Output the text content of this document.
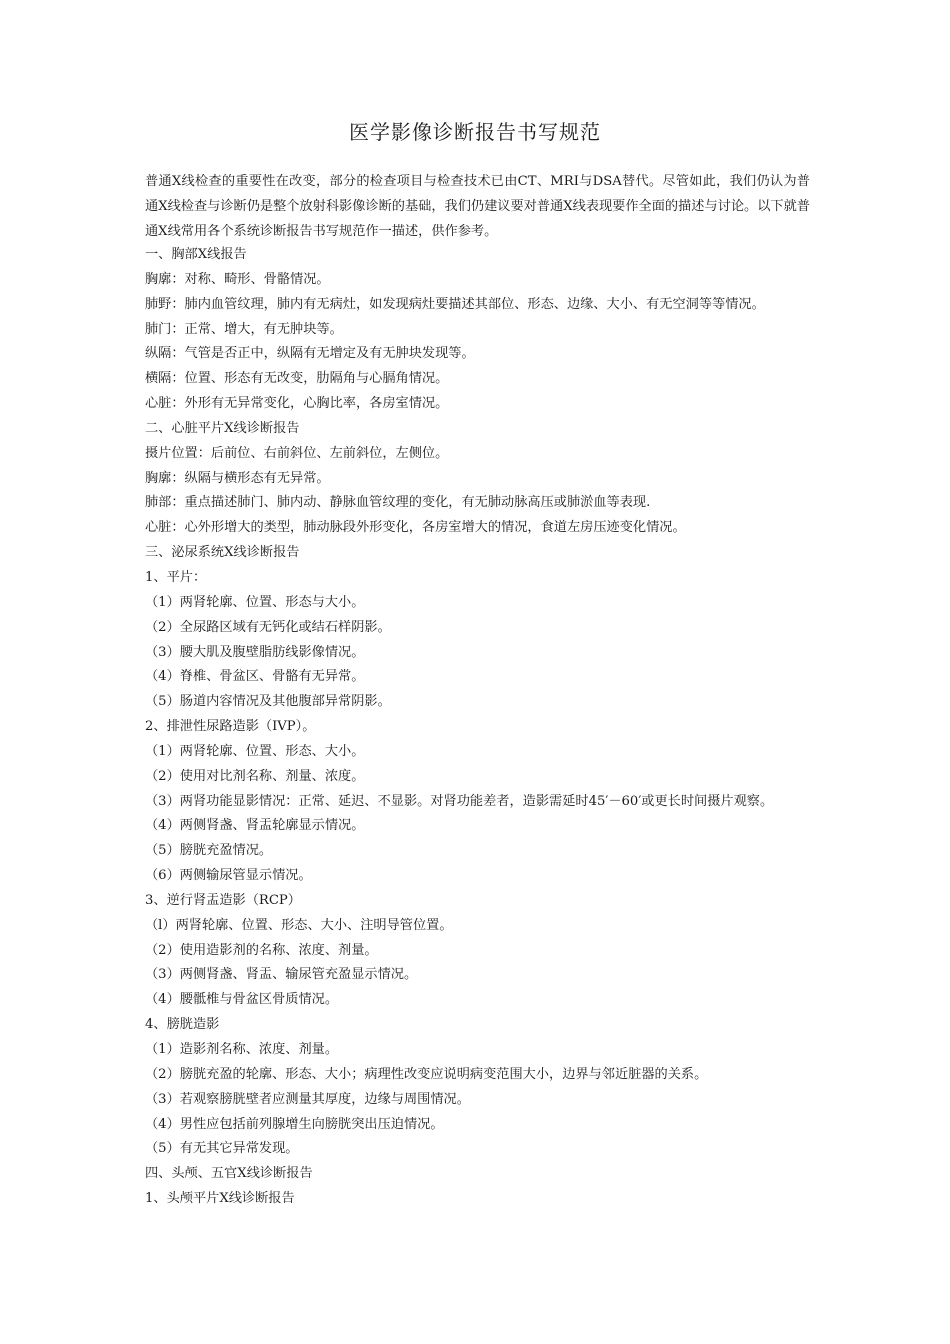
医学影像诊断报告书写规范
普通X线检查的重要性在改变，部分的检查项目与检查技术已由CT、MRI与DSA替代。尽管如此，我们仍认为普通X线检查与诊断仍是整个放射科影像诊断的基础，我们仍建议要对普通X线表现要作全面的描述与讨论。以下就普通X线常用各个系统诊断报告书写规范作一描述，供作参考。
一、胸部X线报告
胸廓：对称、畸形、骨骼情况。
肺野：肺内血管纹理，肺内有无病灶，如发现病灶要描述其部位、形态、边缘、大小、有无空洞等等情况。
肺门：正常、增大，有无肿块等。
纵隔：气管是否正中，纵隔有无增定及有无肿块发现等。
横隔：位置、形态有无改变，肋隔角与心膈角情况。
心脏：外形有无异常变化，心胸比率，各房室情况。
二、心脏平片X线诊断报告
摄片位置：后前位、右前斜位、左前斜位，左侧位。
胸廓：纵隔与横形态有无异常。
肺部：重点描述肺门、肺内动、静脉血管纹理的变化，有无肺动脉高压或肺淤血等表现.
心脏：心外形增大的类型，肺动脉段外形变化，各房室增大的情况，食道左房压迹变化情况。
三、泌尿系统X线诊断报告
1、平片：
（1）两肾轮廓、位置、形态与大小。
（2）全尿路区域有无钙化或结石样阴影。
（3）腰大肌及腹壁脂肪线影像情况。
（4）脊椎、骨盆区、骨骼有无异常。
（5）肠道内容情况及其他腹部异常阴影。
2、排泄性尿路造影（IVP）。
（1）两肾轮廓、位置、形态、大小。
（2）使用对比剂名称、剂量、浓度。
（3）两肾功能显影情况：正常、延迟、不显影。对肾功能差者，造影需延时45′－60′或更长时间摄片观察。
（4）两侧肾盏、肾盂轮廓显示情况。
（5）膀胱充盈情况。
（6）两侧输尿管显示情况。
3、逆行肾盂造影（RCP）
（l）两肾轮廓、位置、形态、大小、注明导管位置。
（2）使用造影剂的名称、浓度、剂量。
（3）两侧肾盏、肾盂、输尿管充盈显示情况。
（4）腰骶椎与骨盆区骨质情况。
4、膀胱造影
（1）造影剂名称、浓度、剂量。
（2）膀胱充盈的轮廓、形态、大小；病理性改变应说明病变范围大小，边界与邻近脏器的关系。
（3）若观察膀胱壁者应测量其厚度，边缘与周围情况。
（4）男性应包括前列腺增生向膀胱突出压迫情况。
（5）有无其它异常发现。
四、头颅、五官X线诊断报告
1、头颅平片X线诊断报告
